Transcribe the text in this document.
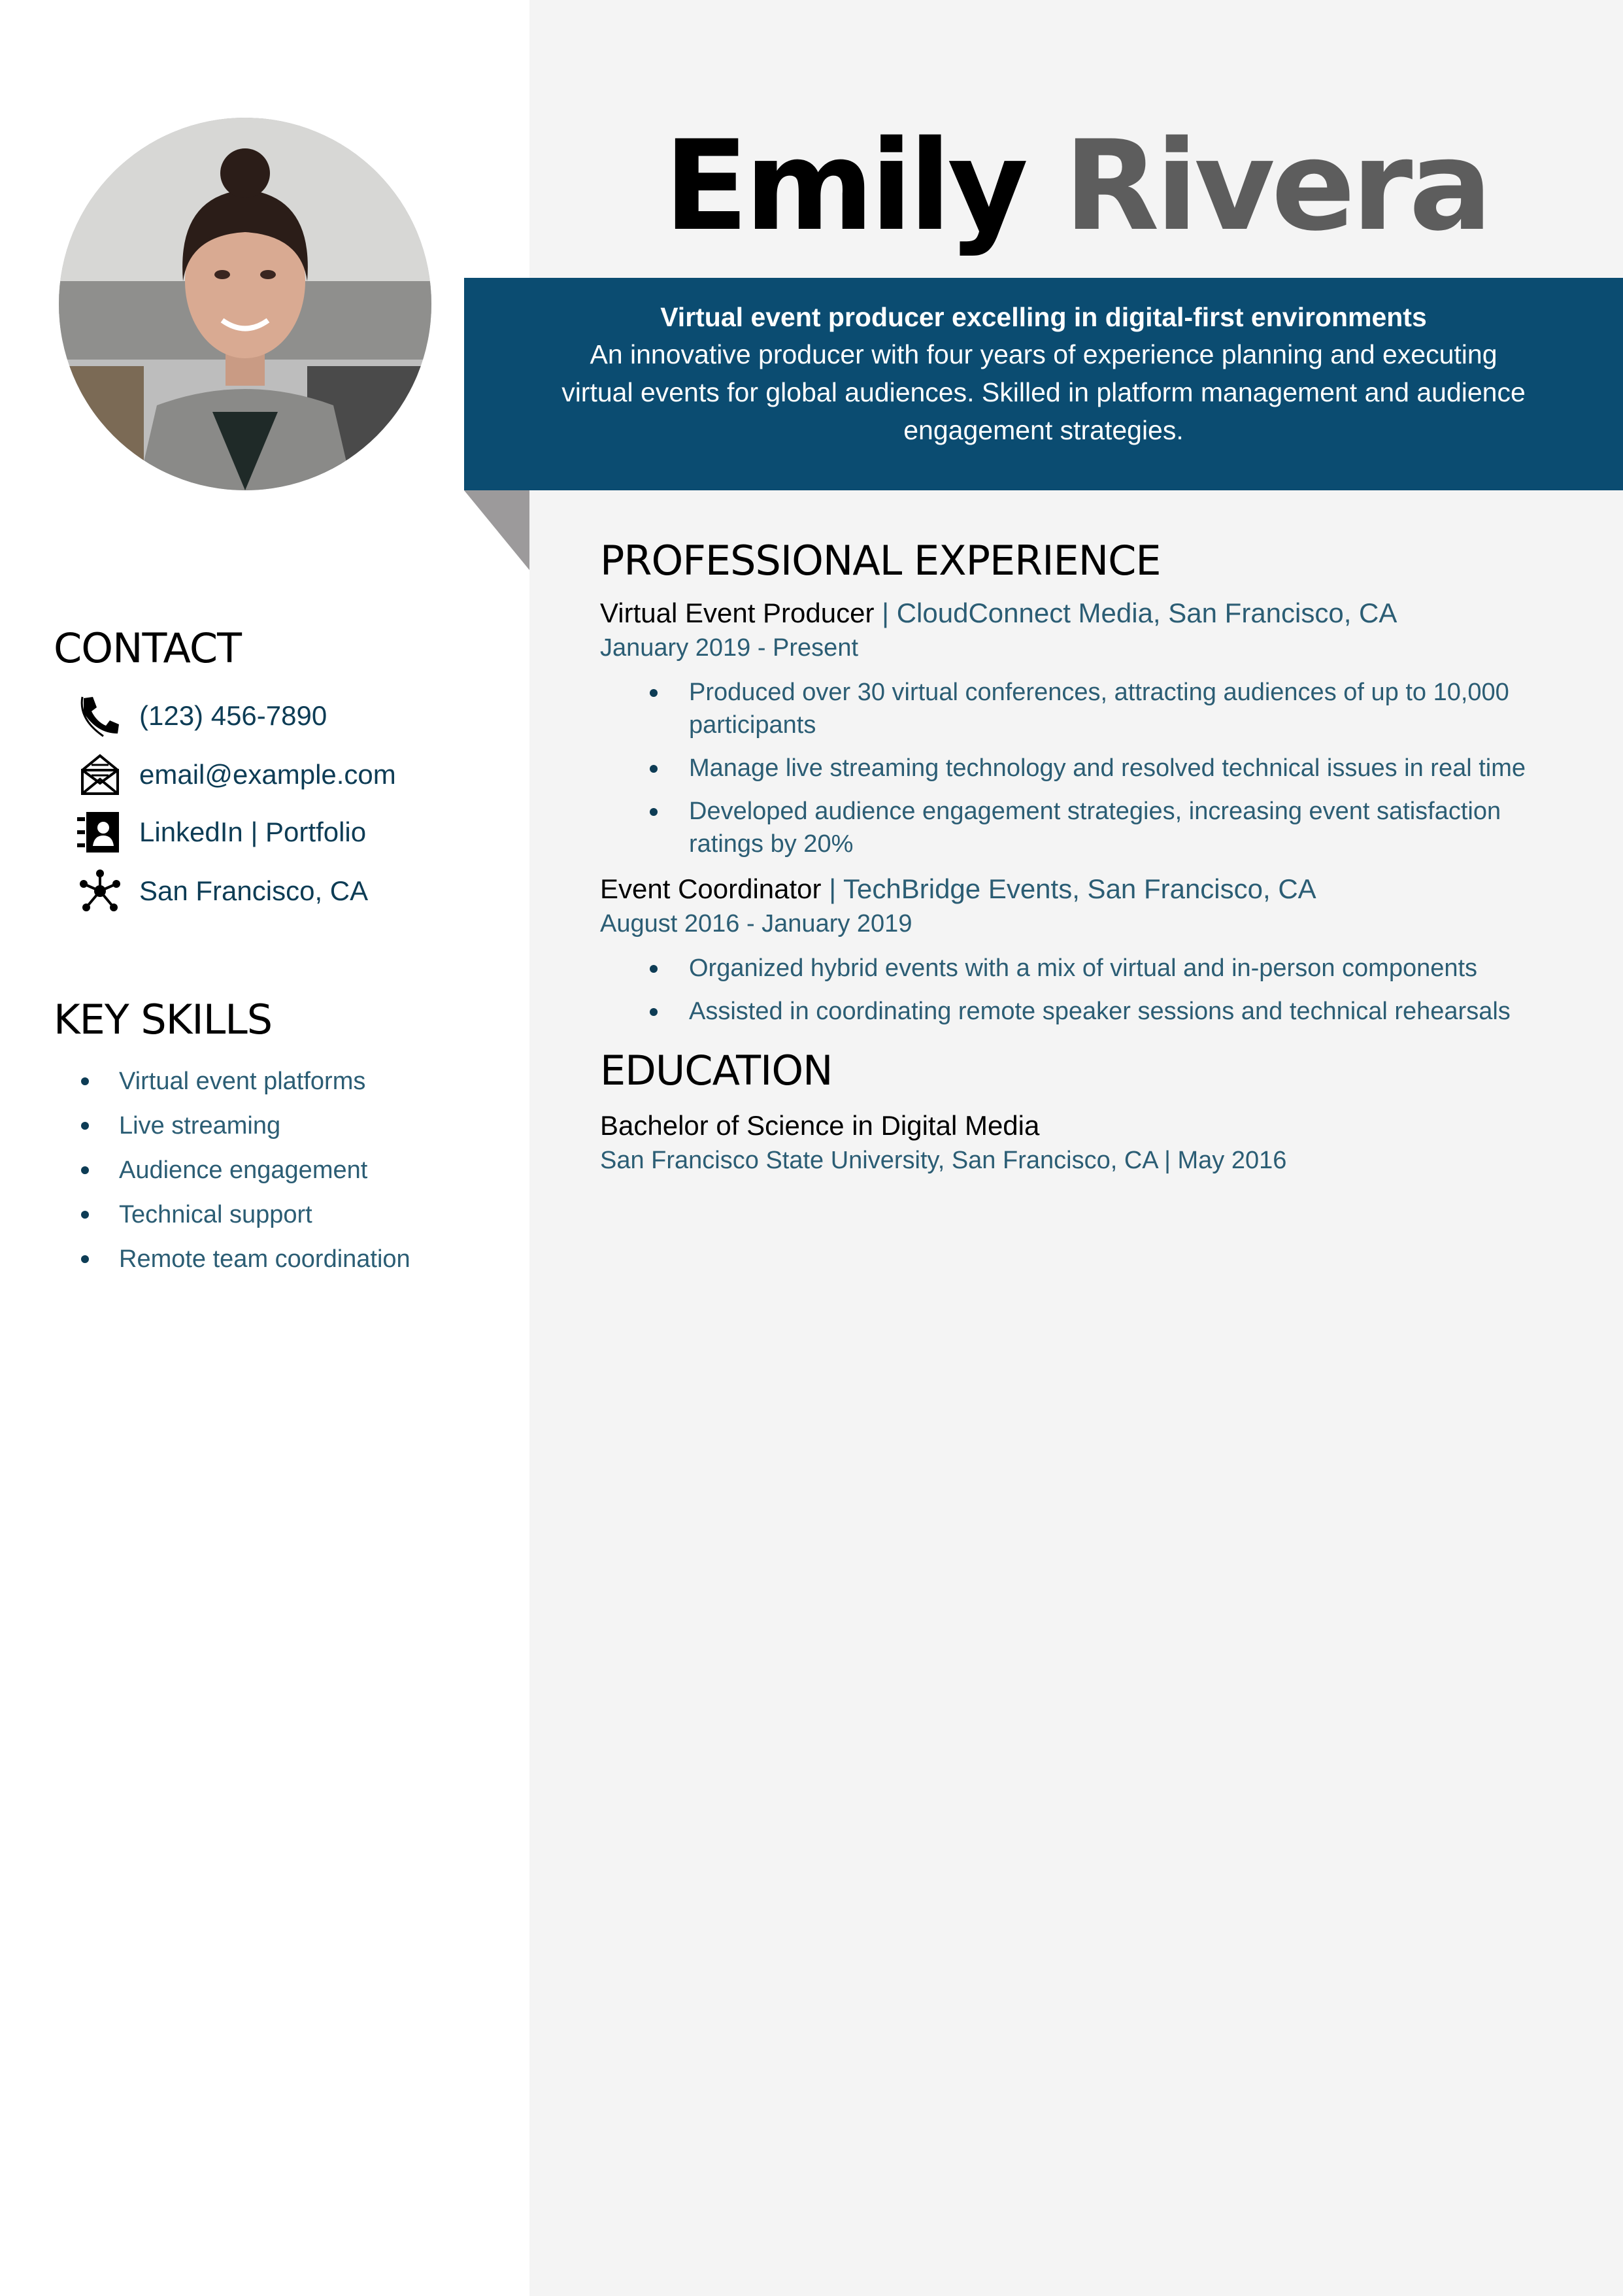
Emily Rivera
Virtual event producer excelling in digital-first environments
An innovative producer with four years of experience planning and executing
virtual events for global audiences. Skilled in platform management and audience
engagement strategies.
CONTACT
(123) 456-7890
email@example.com
LinkedIn | Portfolio
San Francisco, CA
KEY SKILLS
Virtual event platforms
Live streaming
Audience engagement
Technical support
Remote team coordination
PROFESSIONAL EXPERIENCE
Virtual Event Producer | CloudConnect Media, San Francisco, CA
January 2019 - Present
Produced over 30 virtual conferences, attracting audiences of up to 10,000 participants
Manage live streaming technology and resolved technical issues in real time
Developed audience engagement strategies, increasing event satisfaction ratings by 20%
Event Coordinator | TechBridge Events, San Francisco, CA
August 2016 - January 2019
Organized hybrid events with a mix of virtual and in-person components
Assisted in coordinating remote speaker sessions and technical rehearsals
EDUCATION
Bachelor of Science in Digital Media
San Francisco State University, San Francisco, CA | May 2016
